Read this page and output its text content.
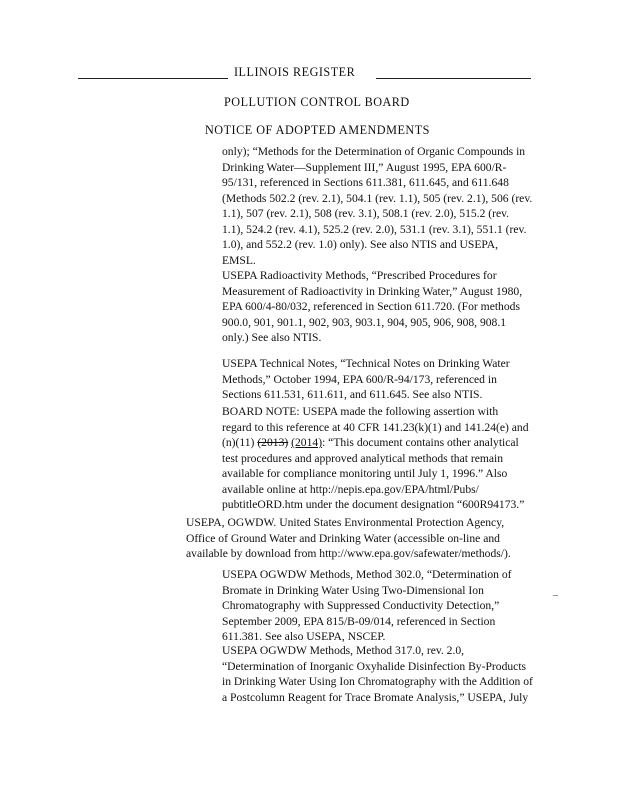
ILLINOIS REGISTER
POLLUTION CONTROL BOARD
NOTICE OF ADOPTED AMENDMENTS
only); “Methods for the Determination of Organic Compounds in
Drinking Water—Supplement III,” August 1995, EPA 600/R-
95/131, referenced in Sections 611.381, 611.645, and 611.648
(Methods 502.2 (rev. 2.1), 504.1 (rev. 1.1), 505 (rev. 2.1), 506 (rev.
1.1), 507 (rev. 2.1), 508 (rev. 3.1), 508.1 (rev. 2.0), 515.2 (rev.
1.1), 524.2 (rev. 4.1), 525.2 (rev. 2.0), 531.1 (rev. 3.1), 551.1 (rev.
1.0), and 552.2 (rev. 1.0) only). See also NTIS and USEPA,
EMSL.
USEPA Radioactivity Methods, “Prescribed Procedures for
Measurement of Radioactivity in Drinking Water,” August 1980,
EPA 600/4-80/032, referenced in Section 611.720. (For methods
900.0, 901, 901.1, 902, 903, 903.1, 904, 905, 906, 908, 908.1
only.) See also NTIS.
USEPA Technical Notes, “Technical Notes on Drinking Water
Methods,” October 1994, EPA 600/R-94/173, referenced in
Sections 611.531, 611.611, and 611.645. See also NTIS.
BOARD NOTE: USEPA made the following assertion with
regard to this reference at 40 CFR 141.23(k)(1) and 141.24(e) and
(n)(11) (2013) (2014): “This document contains other analytical
test procedures and approved analytical methods that remain
available for compliance monitoring until July 1, 1996.” Also
available online at http://nepis.epa.gov/EPA/html/Pubs/
pubtitleORD.htm under the document designation “600R94173.”
USEPA, OGWDW. United States Environmental Protection Agency,
Office of Ground Water and Drinking Water (accessible on-line and
available by download from http://www.epa.gov/safewater/methods/).
USEPA OGWDW Methods, Method 302.0, “Determination of
Bromate in Drinking Water Using Two-Dimensional Ion
Chromatography with Suppressed Conductivity Detection,”
September 2009, EPA 815/B-09/014, referenced in Section
611.381. See also USEPA, NSCEP.
USEPA OGWDW Methods, Method 317.0, rev. 2.0,
“Determination of Inorganic Oxyhalide Disinfection By-Products
in Drinking Water Using Ion Chromatography with the Addition of
a Postcolumn Reagent for Trace Bromate Analysis,” USEPA, July
–
